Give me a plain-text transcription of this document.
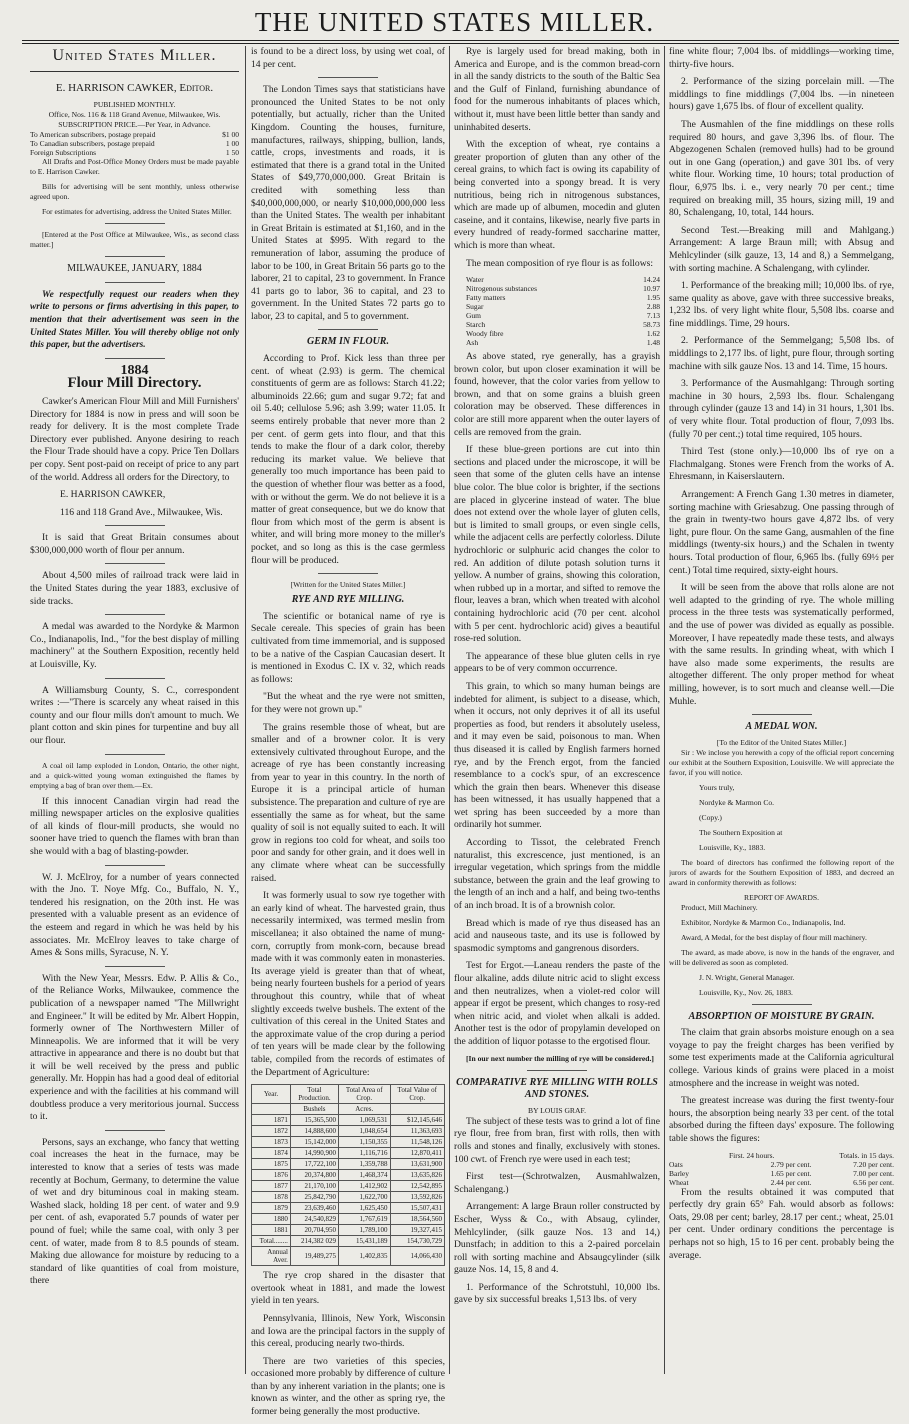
THE UNITED STATES MILLER.
United States Miller.
E. HARRISON CAWKER, Editor.
PUBLISHED MONTHLY.
Office, Nos. 116 & 118 Grand Avenue, Milwaukee, Wis.
SUBSCRIPTION PRICE.—Per Year, in Advance.
To American subscribers, postage prepaid	$1 00
To Canadian subscribers, postage prepaid	1 00
Foreign Subscriptions	1 50

All Drafts and Post-Office Money Orders must be made payable to E. Harrison Cawker.

Bills for advertising will be sent monthly, unless otherwise agreed upon.

For estimates for advertising, address the United States Miller.

[Entered at the Post Office at Milwaukee, Wis., as second class matter.]

MILWAUKEE, JANUARY, 1884

We respectfully request our readers when they write to persons or firms advertising in this paper, to mention that their advertisement was seen in the United States Miller. You will thereby oblige not only this paper, but the advertisers.

1884
Flour Mill Directory.

Cawker's American Flour Mill and Mill Furnishers' Directory for 1884 is now in press and will soon be ready for delivery. It is the most complete Trade Directory ever published. Anyone desiring to reach the Flour Trade should have a copy. Price Ten Dollars per copy. Sent post-paid on receipt of price to any part of the world. Address all orders for the Directory, to

E. HARRISON CAWKER,

116 and 118 Grand Ave., Milwaukee, Wis.

It is said that Great Britain consumes about $300,000,000 worth of flour per annum.

About 4,500 miles of railroad track were laid in the United States during the year 1883, exclusive of side tracks.

A medal was awarded to the Nordyke & Marmon Co., Indianapolis, Ind., "for the best display of milling machinery" at the Southern Exposition, recently held at Louisville, Ky.

A Williamsburg County, S. C., correspondent writes :—"There is scarcely any wheat raised in this county and our flour mills don't amount to much. We plant cotton and skin pines for turpentine and buy all our flour.

A coal oil lamp exploded in London, Ontario, the other night, and a quick-witted young woman extinguished the flames by emptying a bag of bran over them.—Ex.

If this innocent Canadian virgin had read the milling newspaper articles on the explosive qualities of all kinds of flour-mill products, she would no sooner have tried to quench the flames with bran than she would with a bag of blasting-powder.

W. J. McElroy, for a number of years connected with the Jno. T. Noye Mfg. Co., Buffalo, N. Y., tendered his resignation, on the 20th inst. He was presented with a valuable present as an evidence of the esteem and regard in which he was held by his associates. Mr. McElroy leaves to take charge of Ames & Sons mills, Syracuse, N. Y.

With the New Year, Messrs. Edw. P. Allis & Co., of the Reliance Works, Milwaukee, commence the publication of a newspaper named "The Millwright and Engineer." It will be edited by Mr. Albert Hoppin, formerly owner of The Northwestern Miller of Minneapolis. We are informed that it will be very attractive in appearance and there is no doubt but that it will be well received by the press and public generally. Mr. Hoppin has had a good deal of editorial experience and with the facilities at his command will doubtless produce a very meritorious journal. Success to it.

Persons, says an exchange, who fancy that wetting coal increases the heat in the furnace, may be interested to know that a series of tests was made recently at Bochum, Germany, to determine the value of wet and dry bituminous coal in making steam. Washed slack, holding 18 per cent. of water and 9.9 per cent. of ash, evaporated 5.7 pounds of water per pound of fuel; while the same coal, with only 3 per cent. of water, made from 8 to 8.5 pounds of steam. Making due allowance for moisture by reducing to a standard of like quantities of coal from moisture, there

is found to be a direct loss, by using wet coal, of 14 per cent.

The London Times says that statisticians have pronounced the United States to be not only potentially, but actually, richer than the United Kingdom. Counting the houses, furniture, manufactures, railways, shipping, bullion, lands, cattle, crops, investments and roads, it is estimated that there is a grand total in the United States of $49,770,000,000. Great Britain is credited with something less than $40,000,000,000, or nearly $10,000,000,000 less than the United States. The wealth per inhabitant in Great Britain is estimated at $1,160, and in the United States at $995. With regard to the remuneration of labor, assuming the produce of labor to be 100, in Great Britain 56 parts go to the laborer, 21 to capital, 23 to government. In France 41 parts go to labor, 36 to capital, and 23 to government. In the United States 72 parts go to labor, 23 to capital, and 5 to government.

GERM IN FLOUR.

According to Prof. Kick less than three per cent. of wheat (2.93) is germ. The chemical constituents of germ are as follows: Starch 41.22; albuminoids 22.66; gum and sugar 9.72; fat and oil 5.40; cellulose 5.96; ash 3.99; water 11.05. It seems entirely probable that never more than 2 per cent. of germ gets into flour, and that this tends to make the flour of a dark color, thereby reducing its market value. We believe that generally too much importance has been paid to the question of whether flour was better as a food, with or without the germ. We do not believe it is a matter of great consequence, but we do know that flour from which most of the germ is absent is whiter, and will bring more money to the miller's pocket, and so long as this is the case germless flour will be produced.

[Written for the United States Miller.]
RYE AND RYE MILLING.

The scientific or botanical name of rye is Secale cereale. This species of grain has been cultivated from time immemorial, and is supposed to be a native of the Caspian Caucasian desert. It is mentioned in Exodus C. IX v. 32, which reads as follows:

"But the wheat and the rye were not smitten, for they were not grown up."

The grains resemble those of wheat, but are smaller and of a browner color. It is very extensively cultivated throughout Europe, and the acreage of rye has been constantly increasing from year to year in this country. In the north of Europe it is a principal article of human subsistence. The preparation and culture of rye are essentially the same as for wheat, but the same quality of soil is not equally suited to each. It will grow in regions too cold for wheat, and soils too poor and sandy for other grain, and it does well in any climate where wheat can be successfully raised.

It was formerly usual to sow rye together with an early kind of wheat. The harvested grain, thus necessarily intermixed, was termed meslin from miscellanea; it also obtained the name of mung-corn, corruptly from monk-corn, because bread made with it was commonly eaten in monasteries. Its average yield is greater than that of wheat, being nearly fourteen bushels for a period of years throughout this country, while that of wheat slightly exceeds twelve bushels. The extent of the cultivation of this cereal in the United States and the approximate value of the crop during a period of ten years will be made clear by the following table, compiled from the records of estimates of the Department of Agriculture:

Year.	Total Production.	Total Area of Crop.	Total Value of Crop.
	Bushels	Acres.	
1871	15,365,500	1,069,531	$12,145,646
1872	14,888,600	1,048,654	11,363,693
1873	15,142,000	1,150,355	11,548,126
1874	14,990,900	1,116,716	12,870,411
1875	17,722,100	1,359,788	13,631,900
1876	20,374,800	1,468,374	13,635,826
1877	21,170,100	1,412,902	12,542,895
1878	25,842,790	1,622,700	13,592,826
1879	23,639,460	1,625,450	15,507,431
1880	24,540,829	1,767,619	18,564,560
1881	20,704,950	1,789,100	19,327,415
Total........	214,382 029	15,431,189	154,730,729
Annual Aver.	19,489,275	1,402,835	14,066,430

The rye crop shared in the disaster that overtook wheat in 1881, and made the lowest yield in ten years.

Pennsylvania, Illinois, New York, Wisconsin and Iowa are the principal factors in the supply of this cereal, producing nearly two-thirds.

There are two varieties of this species, occasioned more probably by difference of culture than by any inherent variation in the plants; one is known as winter, and the other as spring rye, the former being generally the most productive.

Rye is largely used for bread making, both in America and Europe, and is the common bread-corn in all the sandy districts to the south of the Baltic Sea and the Gulf of Finland, furnishing abundance of food for the numerous inhabitants of places which, without it, must have been little better than sandy and uninhabited deserts.

With the exception of wheat, rye contains a greater proportion of gluten than any other of the cereal grains, to which fact is owing its capability of being converted into a spongy bread. It is very nutritious, being rich in nitrogenous substances, which are made up of albumen, mocedin and gluten caseine, and it contains, likewise, nearly five parts in every hundred of ready-formed saccharine matter, which is more than wheat.

The mean composition of rye flour is as follows:

Water	14.24
Nitrogenous substances	10.97
Fatty matters	1.95
Sugar	2.88
Gum	7.13
Starch	58.73
Woody fibre	1.62
Ash	1.48

As above stated, rye generally, has a grayish brown color, but upon closer examination it will be found, however, that the color varies from yellow to brown, and that on some grains a bluish green coloration may be observed. These differences in color are still more apparent when the outer layers of cells are removed from the grain.

If these blue-green portions are cut into thin sections and placed under the microscope, it will be seen that some of the gluten cells have an intense blue color. The blue color is brighter, if the sections are placed in glycerine instead of water. The blue does not extend over the whole layer of gluten cells, but is limited to small groups, or even single cells, while the adjacent cells are perfectly colorless. Dilute hydrochloric or sulphuric acid changes the color to red. An addition of dilute potash solution turns it yellow. A number of grains, showing this coloration, when rubbed up in a mortar, and sifted to remove the flour, leaves a bran, which when treated with alcohol containing hydrochloric acid (70 per cent. alcohol with 5 per cent. hydrochloric acid) gives a beautiful rose-red solution.

The appearance of these blue gluten cells in rye appears to be of very common occurrence.

This grain, to which so many human beings are indebted for aliment, is subject to a disease, which, when it occurs, not only deprives it of all its useful properties as food, but renders it absolutely useless, and it may even be said, poisonous to man. When thus diseased it is called by English farmers horned rye, and by the French ergot, from the fancied resemblance to a cock's spur, of an excrescence which the grain then bears. Whenever this disease has been witnessed, it has usually happened that a wet spring has been succeeded by a more than ordinarily hot summer.

According to Tissot, the celebrated French naturalist, this excrescence, just mentioned, is an irregular vegetation, which springs from the middle substance, between the grain and the leaf growing to the length of an inch and a half, and being two-tenths of an inch broad. It is of a brownish color.

Bread which is made of rye thus diseased has an acid and nauseous taste, and its use is followed by spasmodic symptoms and gangrenous disorders.

Test for Ergot.—Laneau renders the paste of the flour alkaline, adds dilute nitric acid to slight excess and then neutralizes, when a violet-red color will appear if ergot be present, which changes to rosy-red when nitric acid, and violet when alkali is added. Another test is the odor of propylamin developed on the addition of liquor potasse to the ergotised flour.

[In our next number the milling of rye will be considered.]

COMPARATIVE RYE MILLING WITH ROLLS AND STONES.
BY LOUIS GRAF.

The subject of these tests was to grind a lot of fine rye flour, free from bran, first with rolls, then with rolls and stones and finally, exclusively with stones. 100 cwt. of French rye were used in each test;

First test—(Schrotwalzen, Ausmahlwalzen, Schalengang.)

Arrangement: A large Braun roller constructed by Escher, Wyss & Co., with Absaug, cylinder, Mehlcylinder, (silk gauze Nos. 13 and 14,) Dunstfach; in addition to this a 2-paired porcelain roll with sorting machine and Absaugcylinder (silk gauze Nos. 14, 15, 8 and 4.

1. Performance of the Schrotstuhl, 10,000 lbs. gave by six successful breaks 1,513 lbs. of very

fine white flour; 7,004 lbs. of middlings—working time, thirty-five hours.

2. Performance of the sizing porcelain mill. —The middlings to fine middlings (7,004 lbs. —in nineteen hours) gave 1,675 lbs. of flour of excellent quality.

The Ausmahlen of the fine middlings on these rolls required 80 hours, and gave 3,396 lbs. of flour. The Abgezogenen Schalen (removed hulls) had to be ground out in one Gang (operation,) and gave 301 lbs. of very white flour. Working time, 10 hours; total production of flour, 6,975 lbs. i. e., very nearly 70 per cent.; time required on breaking mill, 35 hours, sizing mill, 19 and 80, Schalengang, 10, total, 144 hours.

Second Test.—Breaking mill and Mahlgang.) Arrangement: A large Braun mill; with Absug and Mehlcylinder (silk gauze, 13, 14 and 8,) a Semmelgang, with sorting machine. A Schalengang, with cylinder.

1. Performance of the breaking mill; 10,000 lbs. of rye, same quality as above, gave with three successive breaks, 1,232 lbs. of very light white flour, 5,508 lbs. coarse and fine middlings. Time, 29 hours.

2. Performance of the Semmelgang; 5,508 lbs. of middlings to 2,177 lbs. of light, pure flour, through sorting machine with silk gauze Nos. 13 and 14. Time, 15 hours.

3. Performance of the Ausmahlgang: Through sorting machine in 30 hours, 2,593 lbs. flour. Schalengang through cylinder (gauze 13 and 14) in 31 hours, 1,301 lbs. of very white flour. Total production of flour, 7,093 lbs. (fully 70 per cent.;) total time required, 105 hours.

Third Test (stone only.)—10,000 lbs of rye on a Flachmalgang. Stones were French from the works of A. Ehresmann, in Kaiserslautern.

Arrangement: A French Gang 1.30 metres in diameter, sorting machine with Griesabzug. One passing through of the grain in twenty-two hours gave 4,872 lbs. of very light, pure flour. On the same Gang, ausmahlen of the fine middlings (twenty-six hours,) and the Schalen in twenty hours. Total production of flour, 6,965 lbs. (fully 69½ per cent.) Total time required, sixty-eight hours.

It will be seen from the above that rolls alone are not well adapted to the grinding of rye. The whole milling process in the three tests was systematically performed, and the use of power was divided as equally as possible. Moreover, I have repeatedly made these tests, and always with the same results. In grinding wheat, with which I have also made some experiments, the results are altogether different. The only proper method for wheat milling, however, is to sort much and cleanse well.—Die Muhle.

A MEDAL WON.
[To the Editor of the United States Miller.]

Sir : We inclose you herewith a copy of the official report concerning our exhibit at the Southern Exposition, Louisville. We will appreciate the favor, if you will notice.

Yours truly,

Nordyke & Marmon Co.

(Copy.)

The Southern Exposition at

Louisville, Ky., 1883.

The board of directors has confirmed the following report of the jurors of awards for the Southern Exposition of 1883, and decreed an award in conformity therewith as follows:

REPORT OF AWARDS.

Product, Mill Machinery.

Exhibitor, Nordyke & Marmon Co., Indianapolis, Ind.

Award, A Medal, for the best display of flour mill machinery.

The award, as made above, is now in the hands of the engraver, and will be delivered as soon as completed.

J. N. Wright, General Manager.

Louisville, Ky., Nov. 26, 1883.

ABSORPTION OF MOISTURE BY GRAIN.

The claim that grain absorbs moisture enough on a sea voyage to pay the freight charges has been verified by some test experiments made at the California agricultural college. Various kinds of grains were placed in a moist atmosphere and the increase in weight was noted.

The greatest increase was during the first twenty-four hours, the absorption being nearly 33 per cent. of the total absorbed during the fifteen days' exposure. The following table shows the figures:

First. 24 hours.	Totals. in 15 days.
Oats	2.79 per cent.	7.20 per cent.
Barley	1.65 per cent.	7.00 per cent.
Wheat	2.44 per cent.	6.56 per cent.

From the results obtained it was computed that perfectly dry grain 65° Fah. would absorb as follows: Oats, 29.08 per cent; barley, 28.17 per cent.; wheat, 25.01 per cent. Under ordinary conditions the percentage is perhaps not so high, 15 to 16 per cent. probably being the average.
